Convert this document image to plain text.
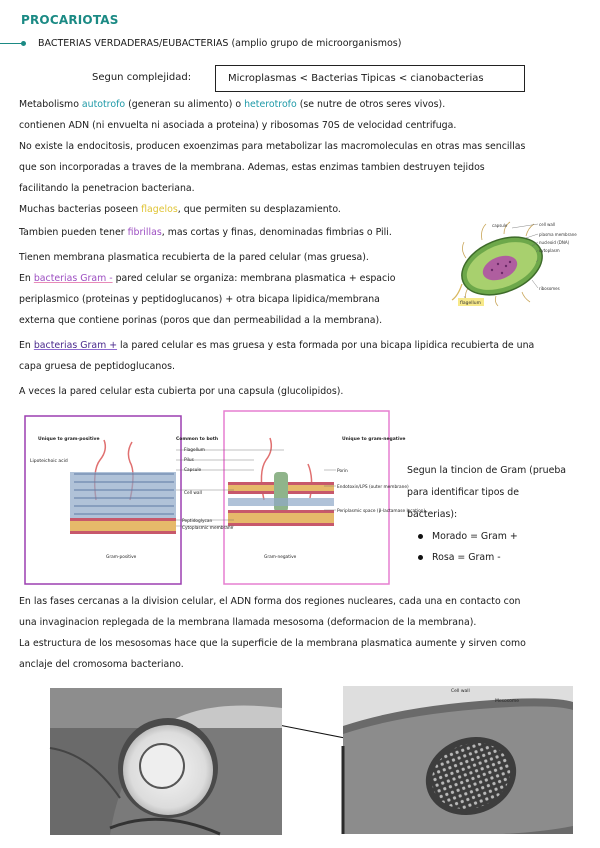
PROCARIOTAS
BACTERIAS VERDADERAS/EUBACTERIAS (amplio grupo de microorganismos)
Segun complejidad:	Microplasmas < Bacterias Tipicas < cianobacterias
Metabolismo autotrofo (generan su alimento) o heterotrofo (se nutre de otros seres vivos).
contienen ADN (ni envuelta ni asociada a proteina) y ribosomas 70S de velocidad centrifuga.
No existe la endocitosis, producen exoenzimas para metabolizar las macromoleculas en otras mas sencillas
que son incorporadas a traves de la membrana. Ademas, estas enzimas tambien destruyen tejidos
facilitando la penetracion bacteriana.
Muchas bacterias poseen flagelos, que permiten su desplazamiento.
Tambien pueden tener fibrillas, mas cortas y finas, denominadas fimbrias o Pili.
Tienen membrana plasmatica recubierta de la pared celular (mas gruesa).
En bacterias Gram - pared celular se organiza: membrana plasmatica + espacio
periplasmico (proteinas y peptidoglucanos) + otra bicapa lipidica/membrana
externa que contiene porinas (poros que dan permeabilidad a la membrana).
En bacterias Gram + la pared celular es mas gruesa y esta formada por una bicapa lipidica recubierta de una
capa gruesa de peptidoglucanos.
A veces la pared celular esta cubierta por una capsula (glucolipidos).
capsule	cell wall
plasma membrane
nucleoid (DNA)
cytoplasm
ribosomes
flagellum
Unique to gram-positive	Common to both	Unique to gram-negative
Lipoteichoic acid
Flagellum
Pilus
Capsule
Cell wall
Peptidoglycan
Cytoplasmic membrane
Porin
Endotoxin/LPS (outer membrane)
Periplasmic space (β-lactamase location)
Gram-positive	Gram-negative
Segun la tincion de Gram (prueba
para identificar tipos de
bacterias):
Morado = Gram +
Rosa = Gram -
En las fases cercanas a la division celular, el ADN forma dos regiones nucleares, cada una en contacto con
una invaginacion replegada de la membrana llamada mesosoma (deformacion de la membrana).
La estructura de los mesosomas hace que la superficie de la membrana plasmatica aumente y sirven como
anclaje del cromosoma bacteriano.
Cell wall
Mesosome
